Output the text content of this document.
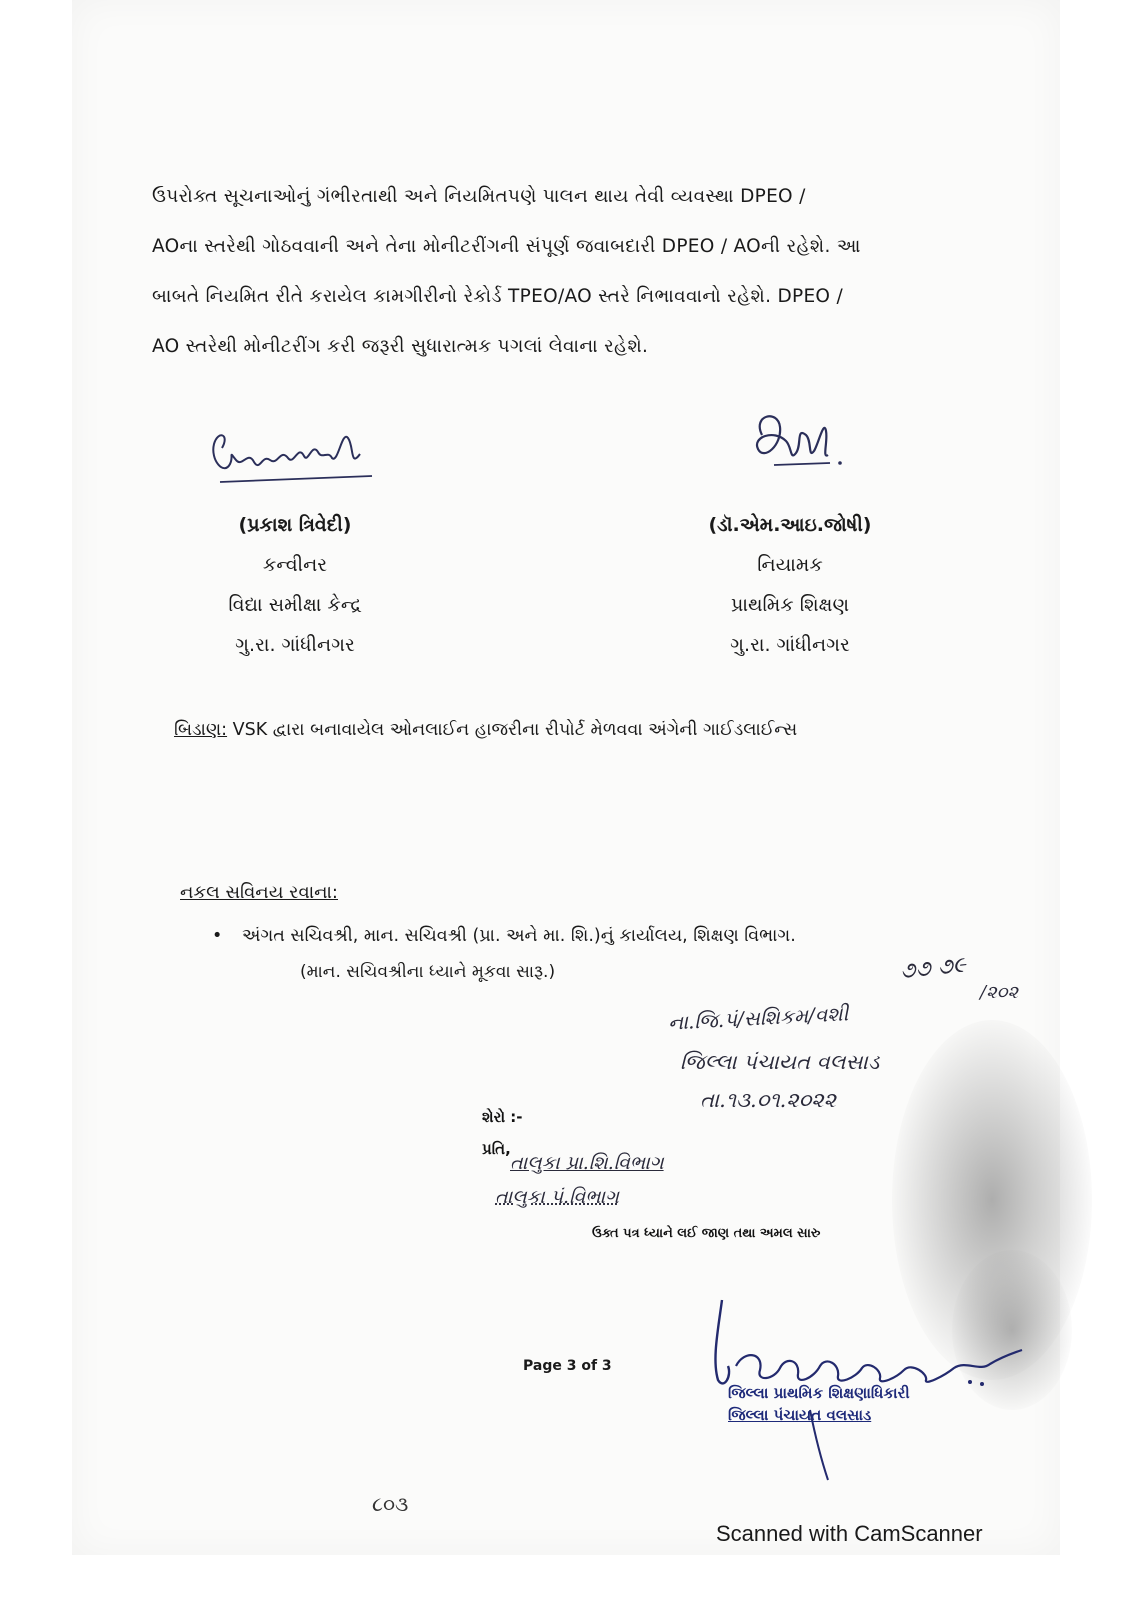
ઉપરોક્ત સૂચનાઓનું ગંભીરતાથી અને નિયમિતપણે પાલન થાય તેવી વ્યવસ્થા DPEO /
AOના સ્તરેથી ગોઠવવાની અને તેના મોનીટરીંગની સંપૂર્ણ જવાબદારી DPEO / AOની રહેશે. આ
બાબતે નિયમિત રીતે કરાયેલ કામગીરીનો રેકોર્ડ TPEO/AO સ્તરે નિભાવવાનો રહેશે. DPEO /
AO સ્તરેથી મોનીટરીંગ કરી જરૂરી સુધારાત્મક પગલાં લેવાના રહેશે.
(પ્રકાશ ત્રિવેદી)
કન્વીનર
વિદ્યા સમીક્ષા કેન્દ્ર
ગુ.રા. ગાંધીનગર
(ડૉ.એમ.આઇ.જોષી)
નિયામક
પ્રાથમિક શિક્ષણ
ગુ.રા. ગાંધીનગર
બિડાણ: VSK દ્વારા બનાવાયેલ ઓનલાઈન હાજરીના રીપોર્ટ મેળવવા અંગેની ગાઈડલાઈન્સ
નકલ સવિનય રવાના:
• અંગત સચિવશ્રી, માન. સચિવશ્રી (પ્રા. અને મા. શિ.)નું કાર્યાલય, શિક્ષણ વિભાગ.
(માન. સચિવશ્રીના ધ્યાને મૂકવા સારૂ.)
ના.જિ.પં/સશિકમ/વશી
૭૭ ૭૯
/૨૦૨
જિલ્લા પંચાયત વલસાડ
તા.૧૩.૦૧.૨૦૨૨
શેરો :-
પ્રતિ,
તાલુકા પ્રા.શિ.વિભાગ
તાલુકા પં.વિભાગ
ઉક્ત પત્ર ધ્યાને લઈ જાણ તથા અમલ સારુ
Page 3 of 3
જિલ્લા પ્રાથમિક શિક્ષણાધિકારી
જિલ્લા પંચાયત વલસાડ
૮૦૩
Scanned with CamScanner
